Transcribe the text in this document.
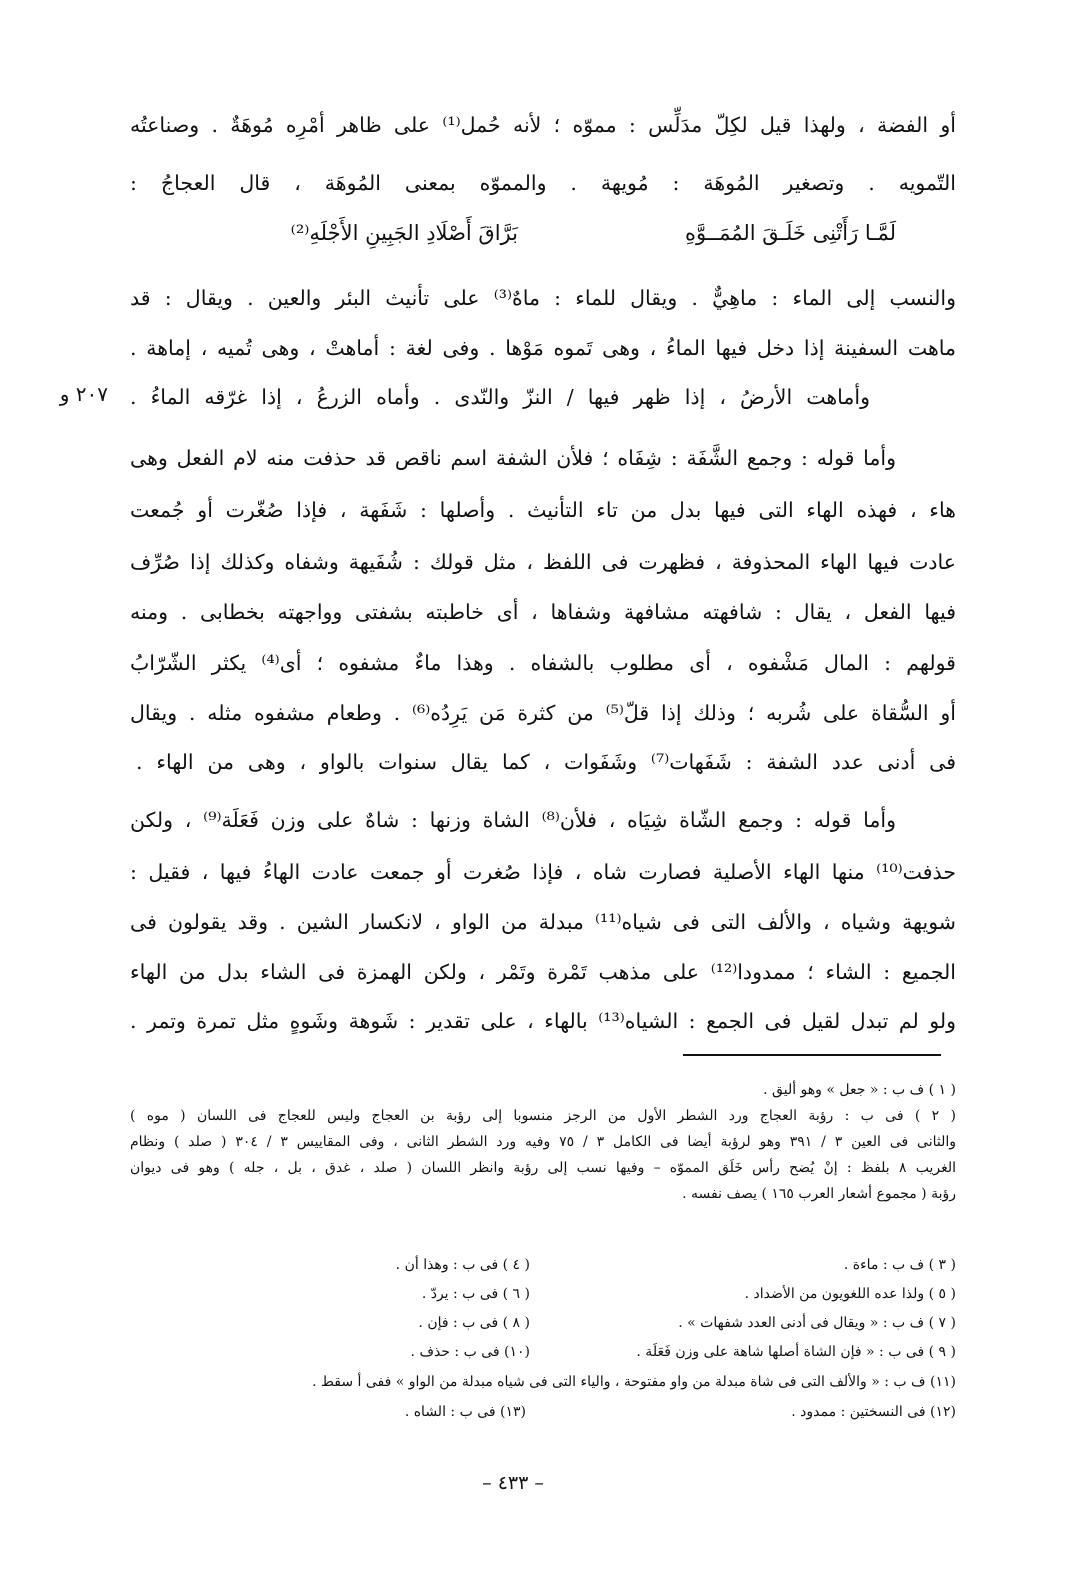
أو الفضة ، ولهذا قيل لكِلّ مدَلِّس : مموّه ؛ لأنه حُمل⁽¹⁾ على ظاهر أمْرِه مُوهَةٌ . وصناعتُه
التّمويه . وتصغير المُوهَة : مُويهة . والمموّه بمعنى المُوهَة ، قال العجاجُ :
لَمَّـا رَأَتْنِى خَلَـقَ المُمَــوَّهِ
بَرَّاقَ أَصْلَادِ الجَبِينِ الأَجْلَهِ⁽²⁾
والنسب إلى الماء : ماهِيٌّ . ويقال للماء : ماهٌ⁽³⁾ على تأنيث البئر والعين . ويقال : قد
ماهت السفينة إذا دخل فيها الماءُ ، وهى تَموه مَوْها . وفى لغة : أماهتْ ، وهى تُميه ، إماهة .
وأماهت الأرضُ ، إذا ظهر فيها / النزّ والنّدى . وأماه الزرعُ ، إذا غرّقه الماءُ .
٢٠٧ و
وأما قوله : وجمع الشَّفَة : شِفَاه ؛ فلأن الشفة اسم ناقص قد حذفت منه لام الفعل وهى
هاء ، فهذه الهاء التى فيها بدل من تاء التأنيث . وأصلها : شَفَهة ، فإذا صُغّرت أو جُمعت
عادت فيها الهاء المحذوفة ، فظهرت فى اللفظ ، مثل قولك : شُفَيهة وشفاه وكذلك إذا صُرِّف
فيها الفعل ، يقال : شافهته مشافهة وشفاها ، أى خاطبته بشفتى وواجهته بخطابى . ومنه
قولهم : المال مَشْفوه ، أى مطلوب بالشفاه . وهذا ماءٌ مشفوه ؛ أى⁽⁴⁾ يكثر الشّرّابُ
أو السُّقاة على شُربه ؛ وذلك إذا قلّ⁽⁵⁾ من كثرة مَن يَرِدُه⁽⁶⁾ . وطعام مشفوه مثله . ويقال
فى أدنى عدد الشفة : شَفَهات⁽⁷⁾ وشَفَوات ، كما يقال سنوات بالواو ، وهى من الهاء .
وأما قوله : وجمع الشّاة شِيَاه ، فلأن⁽⁸⁾ الشاة وزنها : شاهٌ على وزن فَعَلَة⁽⁹⁾ ، ولكن
حذفت⁽¹⁰⁾ منها الهاء الأصلية فصارت شاه ، فإذا صُغرت أو جمعت عادت الهاءُ فيها ، فقيل :
شويهة وشياه ، والألف التى فى شياه⁽¹¹⁾ مبدلة من الواو ، لانكسار الشين . وقد يقولون فى
الجميع : الشاء ؛ ممدودا⁽¹²⁾ على مذهب تَمْرة وتَمْر ، ولكن الهمزة فى الشاء بدل من الهاء
ولو لم تبدل لقيل فى الجمع : الشياه⁽¹³⁾ بالهاء ، على تقدير : شَوهة وشَوهٍ مثل تمرة وتمر .
( ١ ) ف ب : « جعل » وهو أليق .
( ٢ ) فى ب : رؤبة العجاج ورد الشطر الأول من الرجز منسوبا إلى رؤبة بن العجاج وليس للعجاج فى اللسان ( موه )
والثانى فى العين ٣ / ٣٩١ وهو لرؤبة أيضا فى الكامل ٣ / ٧٥ وفيه ورد الشطر الثانى ، وفى المقاييس ٣ / ٣٠٤ ( صلد ) ونظام
الغريب ٨ بلفظ : إنْ يُضح رأس خَلَق المموّه – وفيها نسب إلى رؤبة وانظر اللسان ( صلد ، غدق ، بل ، جله ) وهو فى ديوان
رؤبة ( مجموع أشعار العرب ١٦٥ ) يصف نفسه .
( ٣ ) ف ب : ماءة .
( ٤ ) فى ب : وهذا أن .
( ٥ ) ولذا عده اللغويون من الأضداد .
( ٦ ) فى ب : يردّ .
( ٧ ) ف ب : « ويقال فى أدنى العدد شفهات » .
( ٨ ) فى ب : فإن .
( ٩ ) فى ب : « فإن الشاة أصلها شاهة على وزن فَعَلَة .
(١٠) فى ب : حذف .
(١١) ف ب : « والألف التى فى شاة مبدلة من واو مفتوحة ، والياء التى فى شياه مبدلة من الواو » ففى أ سقط .
(١٢) فى النسختين : ممدود .
(١٣) فى ب : الشاه .
– ٤٣٣ –
